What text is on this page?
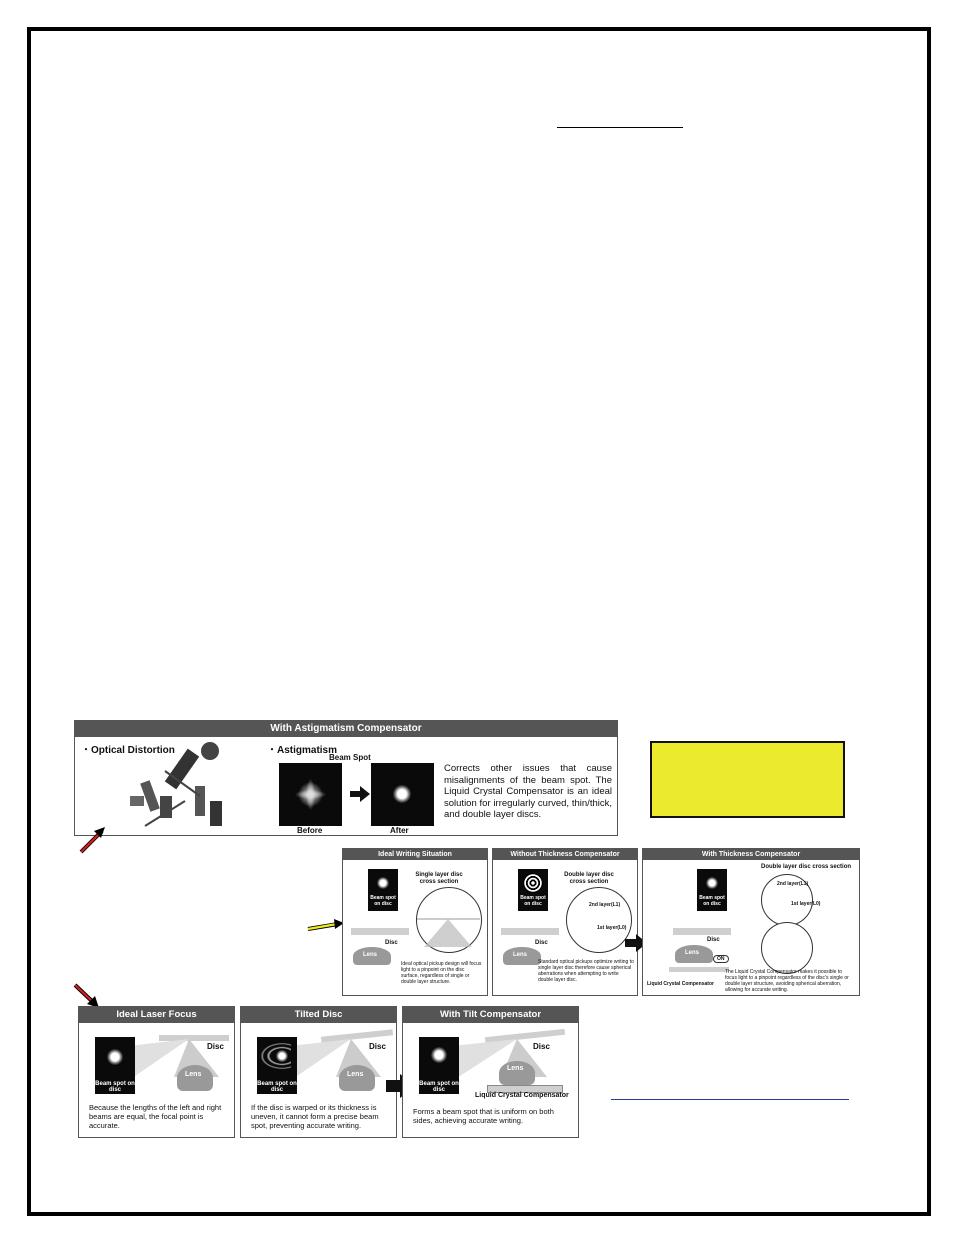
With Astigmatism Compensator
・Optical Distortion	・Astigmatism
Beam Spot
Before	After
Corrects other issues that cause misalignments of the beam spot. The Liquid Crystal Compensator is an ideal solution for irregularly curved, thin/thick, and double layer discs.
Ideal Writing Situation
Beam spot on disc
Single layer disc cross section
Disc
Lens
Ideal optical pickup design will focus light to a pinpoint on the disc surface, regardless of single or double layer structure.
Without Thickness Compensator
Beam spot on disc
Double layer disc cross section
2nd layer(L1)
1st layer(L0)
Disc
Lens
Standard optical pickups optimize writing to single layer disc therefore cause spherical aberrations when attempting to write double layer disc.
With Thickness Compensator
Double layer disc cross section
Beam spot on disc
2nd layer(L1)
1st layer(L0)
Disc
Lens
ON
The Liquid Crystal Compensator makes it possible to focus light to a pinpoint regardless of the disc's single or double layer structure, avoiding spherical aberration, allowing for accurate writing.
Liquid Crystal Compensator
Ideal Laser Focus
Disc
Beam spot on disc
Lens
Because the lengths of the left and right beams are equal, the focal point is accurate.
Tilted Disc
Disc
Beam spot on disc
Lens
If the disc is warped or its thickness is uneven, it cannot form a precise beam spot, preventing accurate writing.
With Tilt Compensator
Disc
Beam spot on disc
Lens
Liquid Crystal Compensator
Forms a beam spot that is uniform on both sides, achieving accurate writing.
